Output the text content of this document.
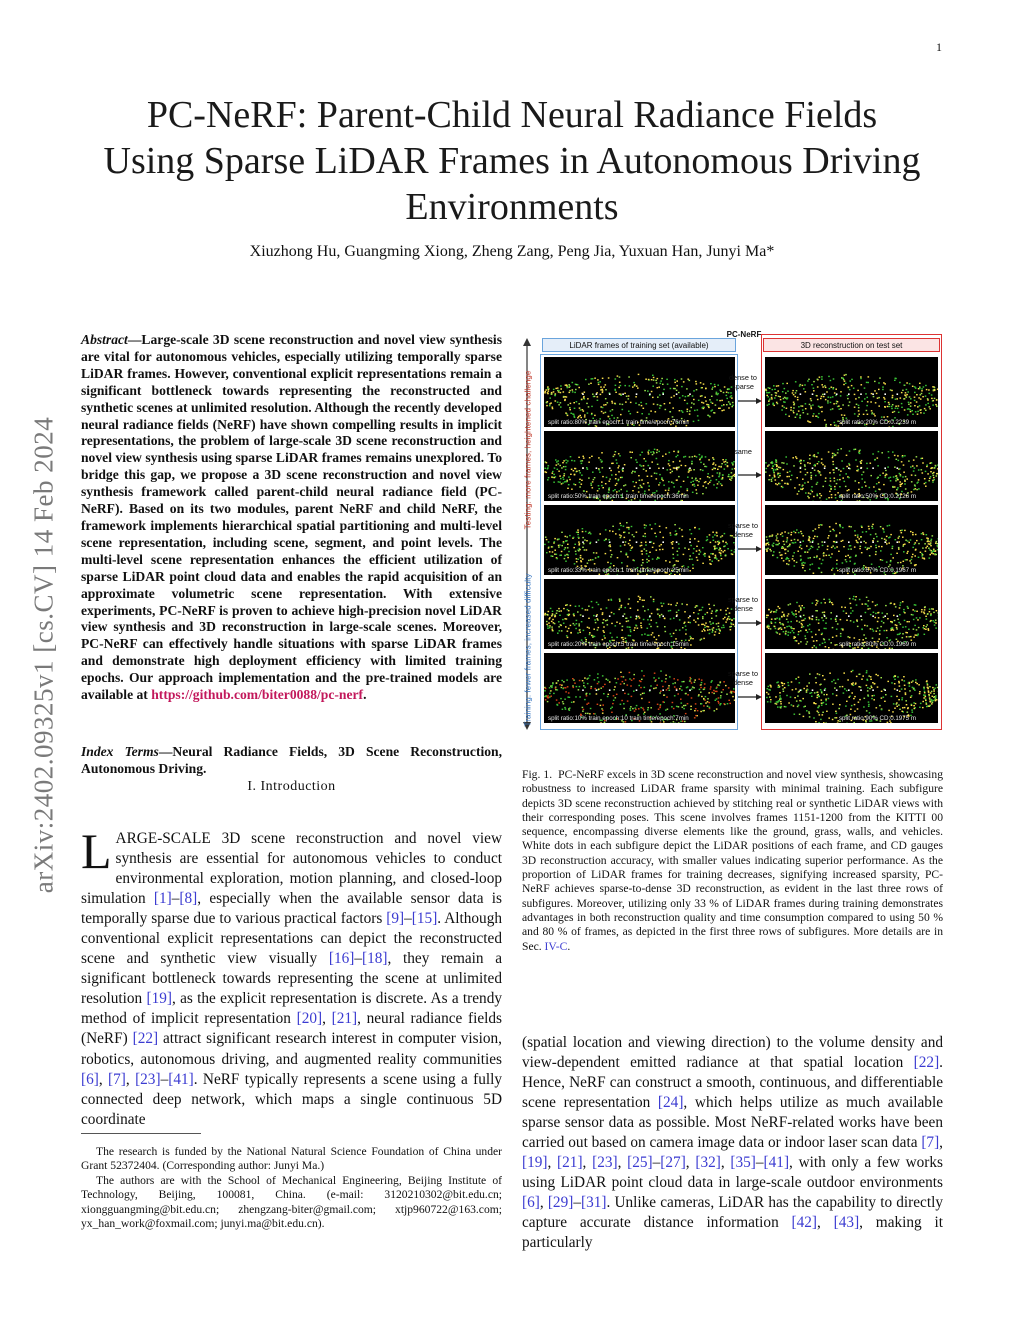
1
PC-NeRF: Parent-Child Neural Radiance Fields Using Sparse LiDAR Frames in Autonomous Driving Environments
Xiuzhong Hu, Guangming Xiong, Zheng Zang, Peng Jia, Yuxuan Han, Junyi Ma*
arXiv:2402.09325v1 [cs.CV] 14 Feb 2024
Abstract—Large-scale 3D scene reconstruction and novel view synthesis are vital for autonomous vehicles, especially utilizing temporally sparse LiDAR frames. However, conventional explicit representations remain a significant bottleneck towards representing the reconstructed and synthetic scenes at unlimited resolution. Although the recently developed neural radiance fields (NeRF) have shown compelling results in implicit representations, the problem of large-scale 3D scene reconstruction and novel view synthesis using sparse LiDAR frames remains unexplored. To bridge this gap, we propose a 3D scene reconstruction and novel view synthesis framework called parent-child neural radiance field (PC-NeRF). Based on its two modules, parent NeRF and child NeRF, the framework implements hierarchical spatial partitioning and multi-level scene representation, including scene, segment, and point levels. The multi-level scene representation enhances the efficient utilization of sparse LiDAR point cloud data and enables the rapid acquisition of an approximate volumetric scene representation. With extensive experiments, PC-NeRF is proven to achieve high-precision novel LiDAR view synthesis and 3D reconstruction in large-scale scenes. Moreover, PC-NeRF can effectively handle situations with sparse LiDAR frames and demonstrate high deployment efficiency with limited training epochs. Our approach implementation and the pre-trained models are available at https://github.com/biter0088/pc-nerf.
Index Terms—Neural Radiance Fields, 3D Scene Reconstruction, Autonomous Driving.
I. Introduction
LARGE-SCALE 3D scene reconstruction and novel view synthesis are essential for autonomous vehicles to conduct environmental exploration, motion planning, and closed-loop simulation [1]–[8], especially when the available sensor data is temporally sparse due to various practical factors [9]–[15]. Although conventional explicit representations can depict the reconstructed scene and synthetic view visually [16]–[18], they remain a significant bottleneck towards representing the scene at unlimited resolution [19], as the explicit representation is discrete. As a trendy method of implicit representation [20], [21], neural radiance fields (NeRF) [22] attract significant research interest in computer vision, robotics, autonomous driving, and augmented reality communities [6], [7], [23]–[41]. NeRF typically represents a scene using a fully connected deep network, which maps a single continuous 5D coordinate

The research is funded by the National Natural Science Foundation of China under Grant 52372404. (Corresponding author: Junyi Ma.)

The authors are with the School of Mechanical Engineering, Beijing Institute of Technology, Beijing, 100081, China. (e-mail: 3120210302@bit.edu.cn; xiongguangming@bit.edu.cn; zhengzang-biter@gmail.com; xtjp960722@163.com; yx_han_work@foxmail.com; junyi.ma@bit.edu.cn).

Testing: more frames, heightened challenge
Training: fewer frames, increased difficulty
LiDAR frames of training set (available)
PC-NeRF
3D reconstruction on test set
split ratio:80% train epoch:1 train time/epoch:76min	split ratio:20% CD:0.2239 m
dense to sparse
split ratio:50% train epoch:1 train time/epoch:36min	split ratio:50% CD:0.2126 m
same
split ratio:33% train epoch:1 train time/epoch:25min	split ratio:67% CD:0.1967 m
sparse to dense
split ratio:20% train epoch:5 train time/epoch:15min	split ratio:80% CD:0.1969 m
sparse to dense
split ratio:10% train epoch:10 train time/epoch:7min	split ratio:90% CD:0.1975 m
sparse to dense
Fig. 1. PC-NeRF excels in 3D scene reconstruction and novel view synthesis, showcasing robustness to increased LiDAR frame sparsity with minimal training. Each subfigure depicts 3D scene reconstruction achieved by stitching real or synthetic LiDAR views with their corresponding poses. This scene involves frames 1151-1200 from the KITTI 00 sequence, encompassing diverse elements like the ground, grass, walls, and vehicles. White dots in each subfigure depict the LiDAR positions of each frame, and CD gauges 3D reconstruction accuracy, with smaller values indicating superior performance. As the proportion of LiDAR frames for training decreases, signifying increased sparsity, PC-NeRF achieves sparse-to-dense 3D reconstruction, as evident in the last three rows of subfigures. Moreover, utilizing only 33 % of LiDAR frames during training demonstrates advantages in both reconstruction quality and time consumption compared to using 50 % and 80 % of frames, as depicted in the first three rows of subfigures. More details are in Sec. IV-C.
(spatial location and viewing direction) to the volume density and view-dependent emitted radiance at that spatial location [22]. Hence, NeRF can construct a smooth, continuous, and differentiable scene representation [24], which helps utilize as much available sparse sensor data as possible. Most NeRF-related works have been carried out based on camera image data or indoor laser scan data [7], [19], [21], [23], [25]–[27], [32], [35]–[41], with only a few works using LiDAR point cloud data in large-scale outdoor environments [6], [29]–[31]. Unlike cameras, LiDAR has the capability to directly capture accurate distance information [42], [43], making it particularly
